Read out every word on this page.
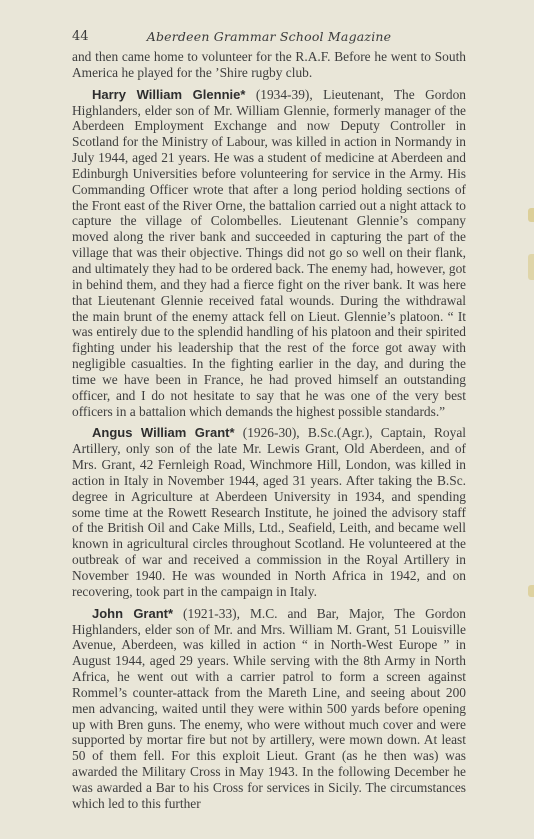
44	Aberdeen Grammar School Magazine

and then came home to volunteer for the R.A.F. Before he went to South America he played for the ’Shire rugby club.

Harry William Glennie* (1934-39), Lieutenant, The Gordon Highlanders, elder son of Mr. William Glennie, formerly manager of the Aberdeen Employment Exchange and now Deputy Controller in Scotland for the Ministry of Labour, was killed in action in Normandy in July 1944, aged 21 years. He was a student of medicine at Aberdeen and Edinburgh Universities before volunteering for service in the Army. His Commanding Officer wrote that after a long period holding sections of the Front east of the River Orne, the battalion carried out a night attack to capture the village of Colombelles. Lieutenant Glennie’s company moved along the river bank and succeeded in capturing the part of the village that was their objective. Things did not go so well on their flank, and ultimately they had to be ordered back. The enemy had, however, got in behind them, and they had a fierce fight on the river bank. It was here that Lieutenant Glennie received fatal wounds. During the withdrawal the main brunt of the enemy attack fell on Lieut. Glennie’s platoon. “ It was entirely due to the splendid handling of his platoon and their spirited fighting under his leadership that the rest of the force got away with negligible casualties. In the fighting earlier in the day, and during the time we have been in France, he had proved himself an outstanding officer, and I do not hesitate to say that he was one of the very best officers in a battalion which demands the highest possible standards.”

Angus William Grant* (1926-30), B.Sc.(Agr.), Captain, Royal Artillery, only son of the late Mr. Lewis Grant, Old Aberdeen, and of Mrs. Grant, 42 Fernleigh Road, Winchmore Hill, London, was killed in action in Italy in November 1944, aged 31 years. After taking the B.Sc. degree in Agriculture at Aberdeen University in 1934, and spending some time at the Rowett Research Institute, he joined the advisory staff of the British Oil and Cake Mills, Ltd., Seafield, Leith, and became well known in agricultural circles throughout Scotland. He volunteered at the outbreak of war and received a commission in the Royal Artillery in November 1940. He was wounded in North Africa in 1942, and on recovering, took part in the campaign in Italy.

John Grant* (1921-33), M.C. and Bar, Major, The Gordon Highlanders, elder son of Mr. and Mrs. William M. Grant, 51 Louisville Avenue, Aberdeen, was killed in action “ in North-West Europe ” in August 1944, aged 29 years. While serving with the 8th Army in North Africa, he went out with a carrier patrol to form a screen against Rommel’s counter-attack from the Mareth Line, and seeing about 200 men advancing, waited until they were within 500 yards before opening up with Bren guns. The enemy, who were without much cover and were supported by mortar fire but not by artillery, were mown down. At least 50 of them fell. For this exploit Lieut. Grant (as he then was) was awarded the Military Cross in May 1943. In the following December he was awarded a Bar to his Cross for services in Sicily. The circumstances which led to this further
